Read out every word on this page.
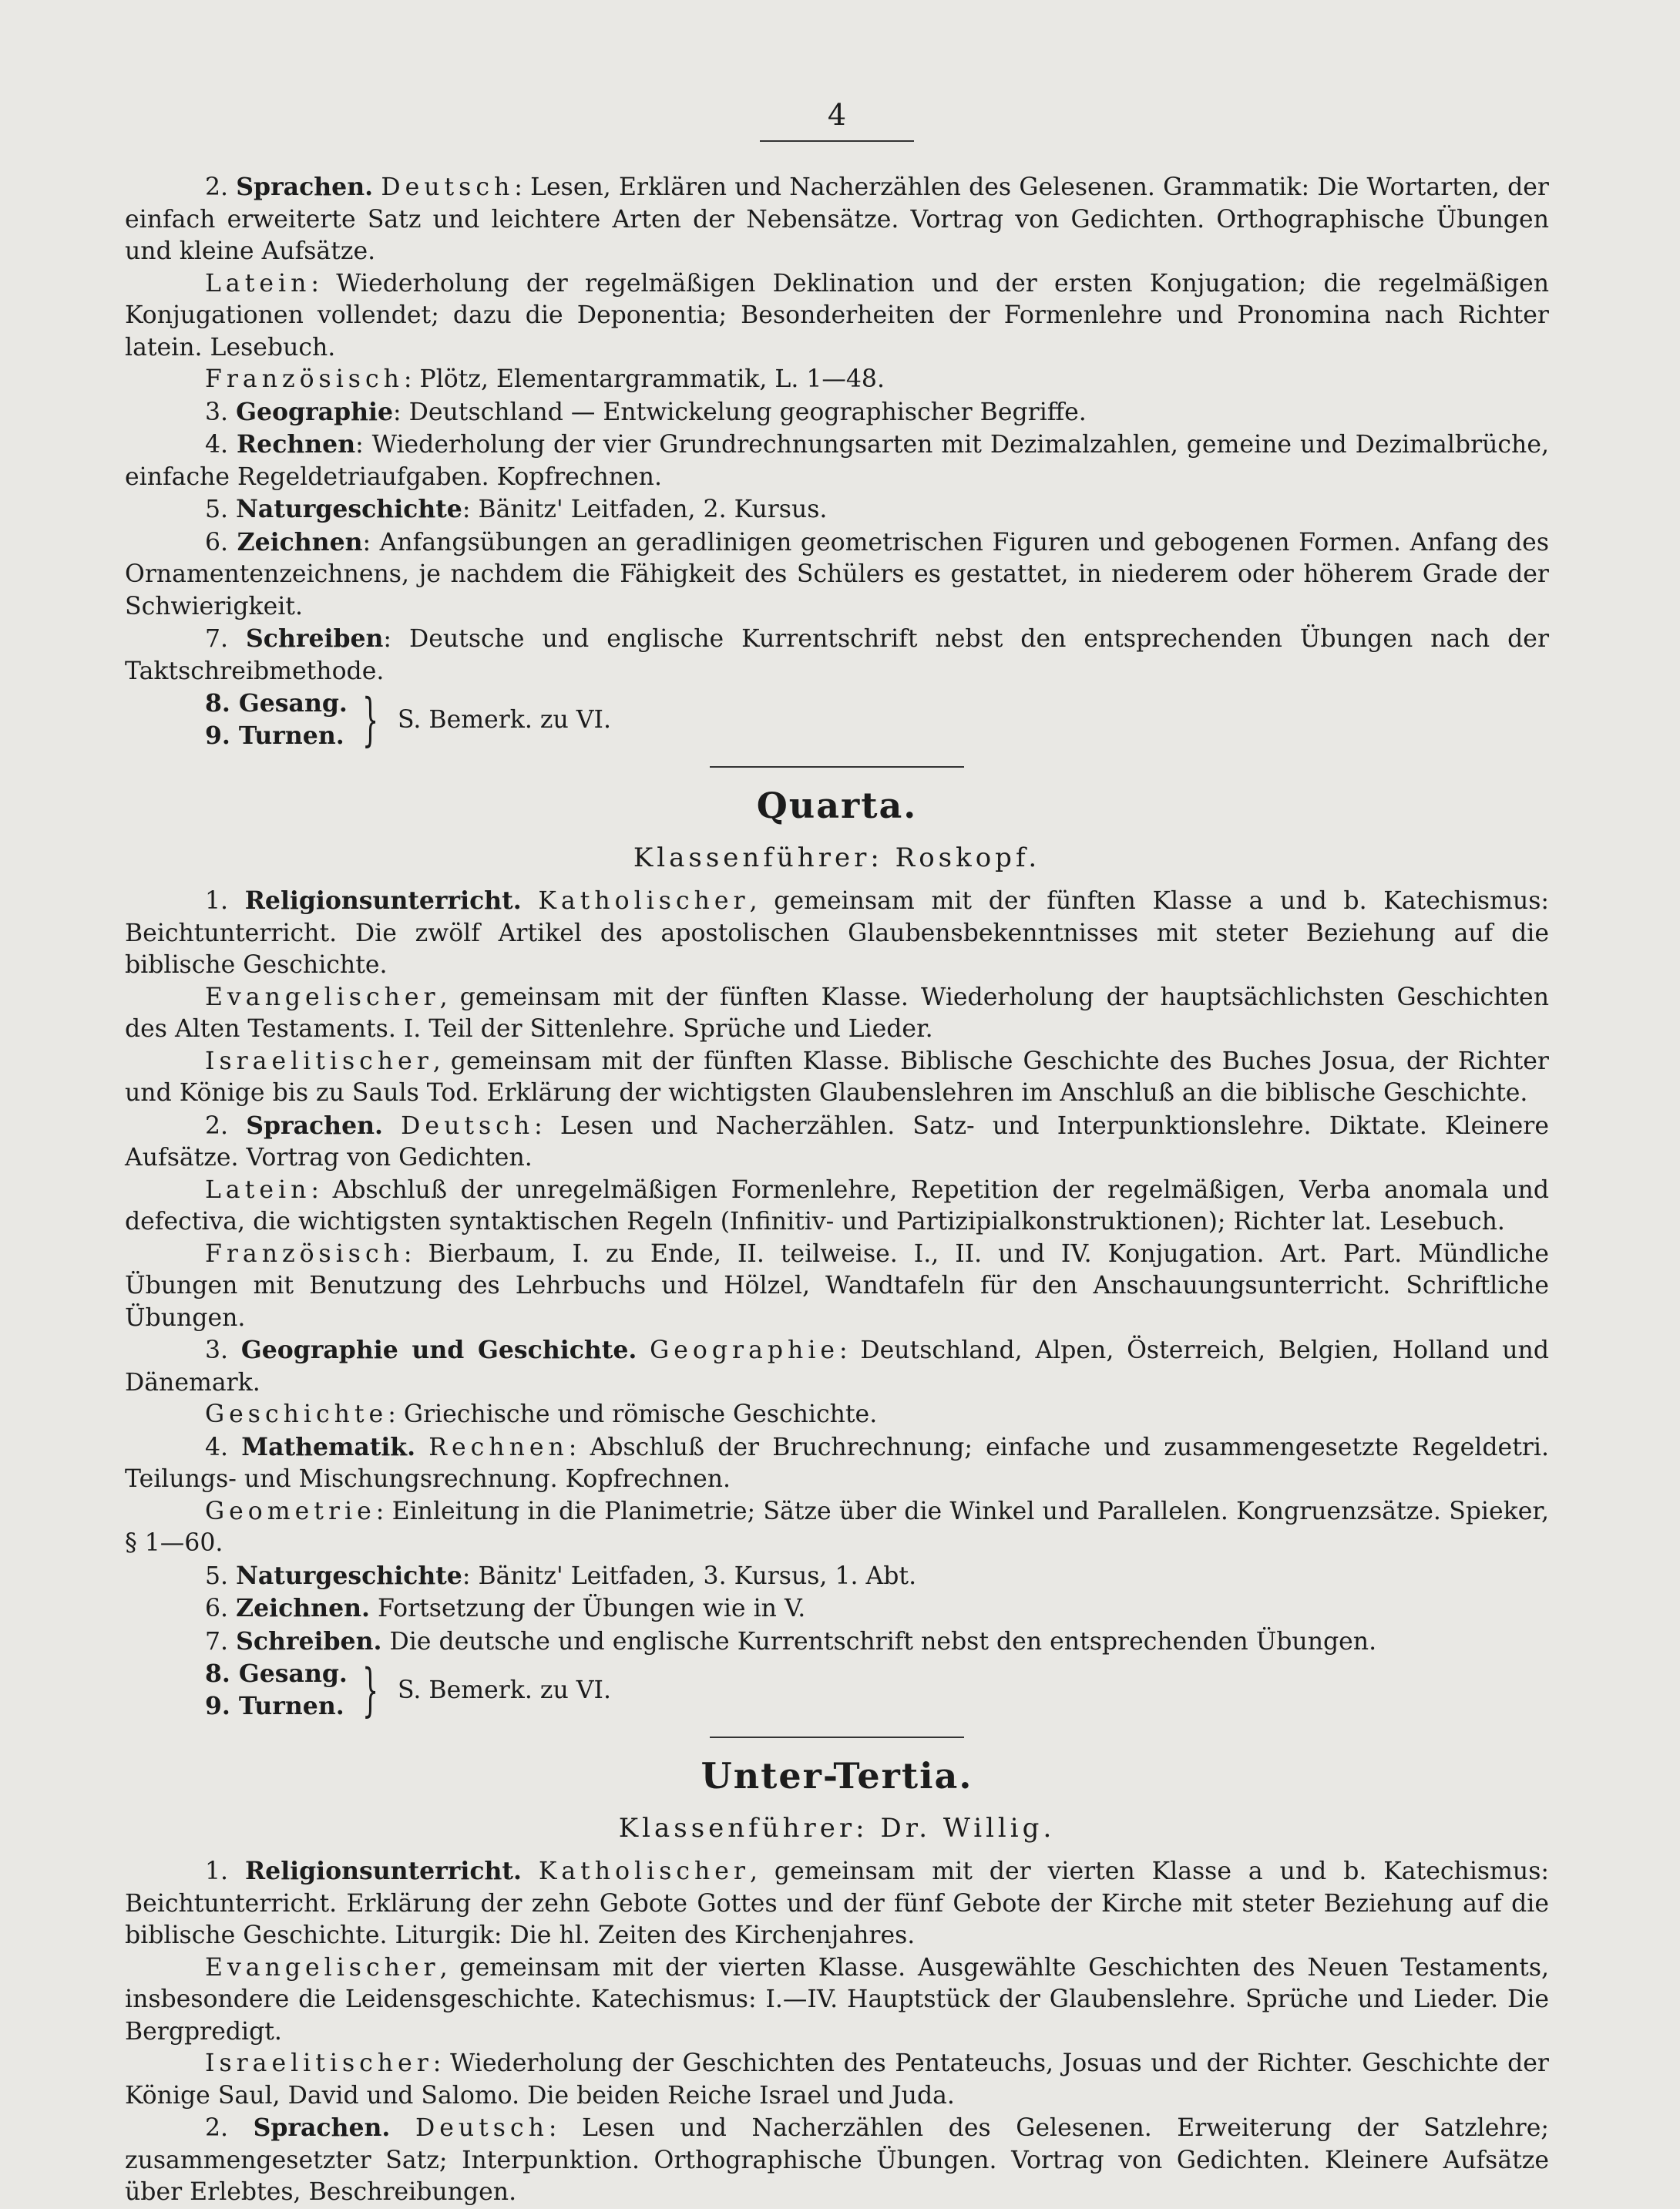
4

2. Sprachen. Deutsch: Lesen, Erklären und Nacherzählen des Gelesenen. Grammatik: Die Wortarten, der einfach erweiterte Satz und leichtere Arten der Nebensätze. Vortrag von Gedichten. Orthographische Übungen und kleine Aufsätze.

Latein: Wiederholung der regelmäßigen Deklination und der ersten Konjugation; die regelmäßigen Konjugationen vollendet; dazu die Deponentia; Besonderheiten der Formenlehre und Pronomina nach Richter latein. Lesebuch.

Französisch: Plötz, Elementargrammatik, L. 1—48.

3. Geographie: Deutschland — Entwickelung geographischer Begriffe.

4. Rechnen: Wiederholung der vier Grundrechnungsarten mit Dezimalzahlen, gemeine und Dezimalbrüche, einfache Regeldetriaufgaben. Kopfrechnen.

5. Naturgeschichte: Bänitz' Leitfaden, 2. Kursus.

6. Zeichnen: Anfangsübungen an geradlinigen geometrischen Figuren und gebogenen Formen. Anfang des Ornamentenzeichnens, je nachdem die Fähigkeit des Schülers es gestattet, in niederem oder höherem Grade der Schwierigkeit.

7. Schreiben: Deutsche und englische Kurrentschrift nebst den entsprechenden Übungen nach der Taktschreibmethode.

8. Gesang.
9. Turnen. } S. Bemerk. zu VI.
Quarta.
Klassenführer: Roskopf.

1. Religionsunterricht. Katholischer, gemeinsam mit der fünften Klasse a und b. Katechismus: Beichtunterricht. Die zwölf Artikel des apostolischen Glaubensbekenntnisses mit steter Beziehung auf die biblische Geschichte.

Evangelischer, gemeinsam mit der fünften Klasse. Wiederholung der hauptsächlichsten Geschichten des Alten Testaments. I. Teil der Sittenlehre. Sprüche und Lieder.

Israelitischer, gemeinsam mit der fünften Klasse. Biblische Geschichte des Buches Josua, der Richter und Könige bis zu Sauls Tod. Erklärung der wichtigsten Glaubenslehren im Anschluß an die biblische Geschichte.

2. Sprachen. Deutsch: Lesen und Nacherzählen. Satz- und Interpunktionslehre. Diktate. Kleinere Aufsätze. Vortrag von Gedichten.

Latein: Abschluß der unregelmäßigen Formenlehre, Repetition der regelmäßigen, Verba anomala und defectiva, die wichtigsten syntaktischen Regeln (Infinitiv- und Partizipialkonstruktionen); Richter lat. Lesebuch.

Französisch: Bierbaum, I. zu Ende, II. teilweise. I., II. und IV. Konjugation. Art. Part. Mündliche Übungen mit Benutzung des Lehrbuchs und Hölzel, Wandtafeln für den Anschauungsunterricht. Schriftliche Übungen.

3. Geographie und Geschichte. Geographie: Deutschland, Alpen, Österreich, Belgien, Holland und Dänemark.

Geschichte: Griechische und römische Geschichte.

4. Mathematik. Rechnen: Abschluß der Bruchrechnung; einfache und zusammengesetzte Regeldetri. Teilungs- und Mischungsrechnung. Kopfrechnen.

Geometrie: Einleitung in die Planimetrie; Sätze über die Winkel und Parallelen. Kongruenzsätze. Spieker, § 1—60.

5. Naturgeschichte: Bänitz' Leitfaden, 3. Kursus, 1. Abt.

6. Zeichnen. Fortsetzung der Übungen wie in V.

7. Schreiben. Die deutsche und englische Kurrentschrift nebst den entsprechenden Übungen.

8. Gesang.
9. Turnen. } S. Bemerk. zu VI.
Unter-Tertia.
Klassenführer: Dr. Willig.

1. Religionsunterricht. Katholischer, gemeinsam mit der vierten Klasse a und b. Katechismus: Beichtunterricht. Erklärung der zehn Gebote Gottes und der fünf Gebote der Kirche mit steter Beziehung auf die biblische Geschichte. Liturgik: Die hl. Zeiten des Kirchenjahres.

Evangelischer, gemeinsam mit der vierten Klasse. Ausgewählte Geschichten des Neuen Testaments, insbesondere die Leidensgeschichte. Katechismus: I.—IV. Hauptstück der Glaubenslehre. Sprüche und Lieder. Die Bergpredigt.

Israelitischer: Wiederholung der Geschichten des Pentateuchs, Josuas und der Richter. Geschichte der Könige Saul, David und Salomo. Die beiden Reiche Israel und Juda.

2. Sprachen. Deutsch: Lesen und Nacherzählen des Gelesenen. Erweiterung der Satzlehre; zusammengesetzter Satz; Interpunktion. Orthographische Übungen. Vortrag von Gedichten. Kleinere Aufsätze über Erlebtes, Beschreibungen.
